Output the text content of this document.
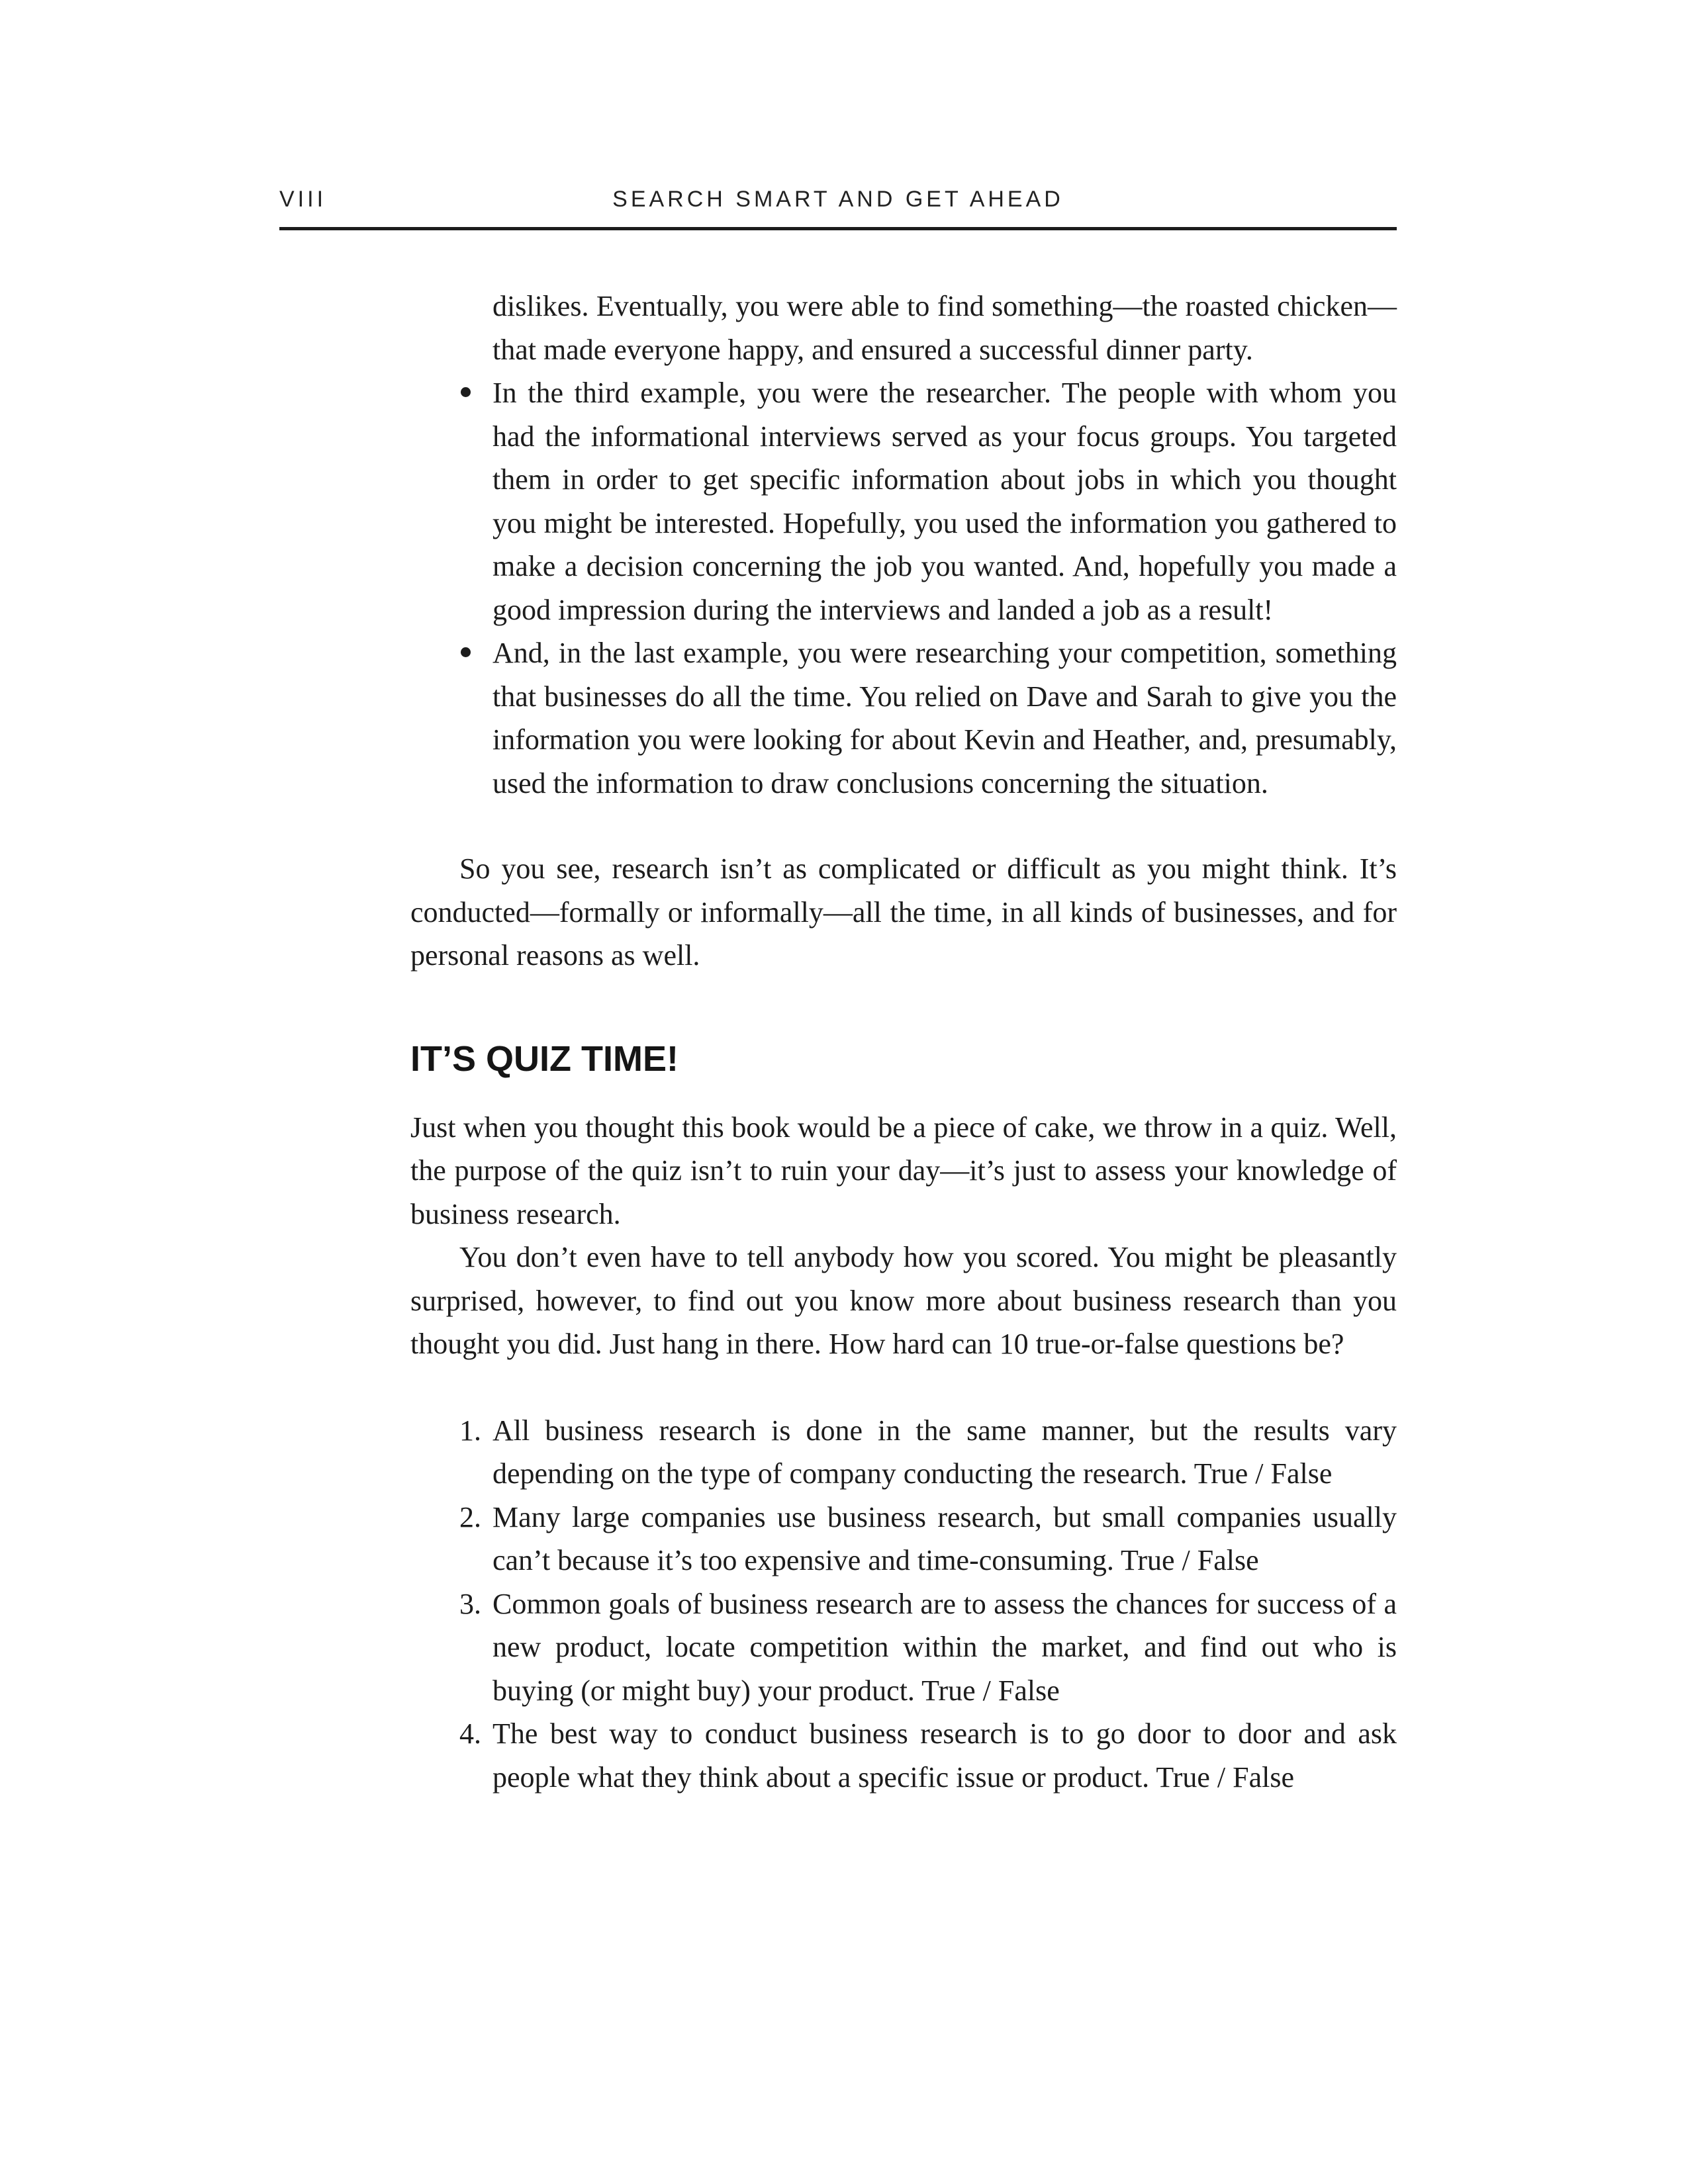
VIII	SEARCH SMART AND GET AHEAD

dislikes. Eventually, you were able to find something—the roasted chicken—that made everyone happy, and ensured a successful dinner party.

In the third example, you were the researcher. The people with whom you had the informational interviews served as your focus groups. You targeted them in order to get specific information about jobs in which you thought you might be interested. Hopefully, you used the information you gathered to make a decision concerning the job you wanted. And, hopefully you made a good impression during the interviews and landed a job as a result!
And, in the last example, you were researching your competition, something that businesses do all the time. You relied on Dave and Sarah to give you the information you were looking for about Kevin and Heather, and, presumably, used the information to draw conclusions concerning the situation.

So you see, research isn’t as complicated or difficult as you might think. It’s conducted—formally or informally—all the time, in all kinds of businesses, and for personal reasons as well.

IT’S QUIZ TIME!

Just when you thought this book would be a piece of cake, we throw in a quiz. Well, the purpose of the quiz isn’t to ruin your day—it’s just to assess your knowledge of business research.

You don’t even have to tell anybody how you scored. You might be pleasantly surprised, however, to find out you know more about business research than you thought you did. Just hang in there. How hard can 10 true-or-false questions be?

1. All business research is done in the same manner, but the results vary depending on the type of company conducting the research. True / False
2. Many large companies use business research, but small companies usually can’t because it’s too expensive and time-consuming. True / False
3. Common goals of business research are to assess the chances for success of a new product, locate competition within the market, and find out who is buying (or might buy) your product. True / False
4. The best way to conduct business research is to go door to door and ask people what they think about a specific issue or product. True / False
